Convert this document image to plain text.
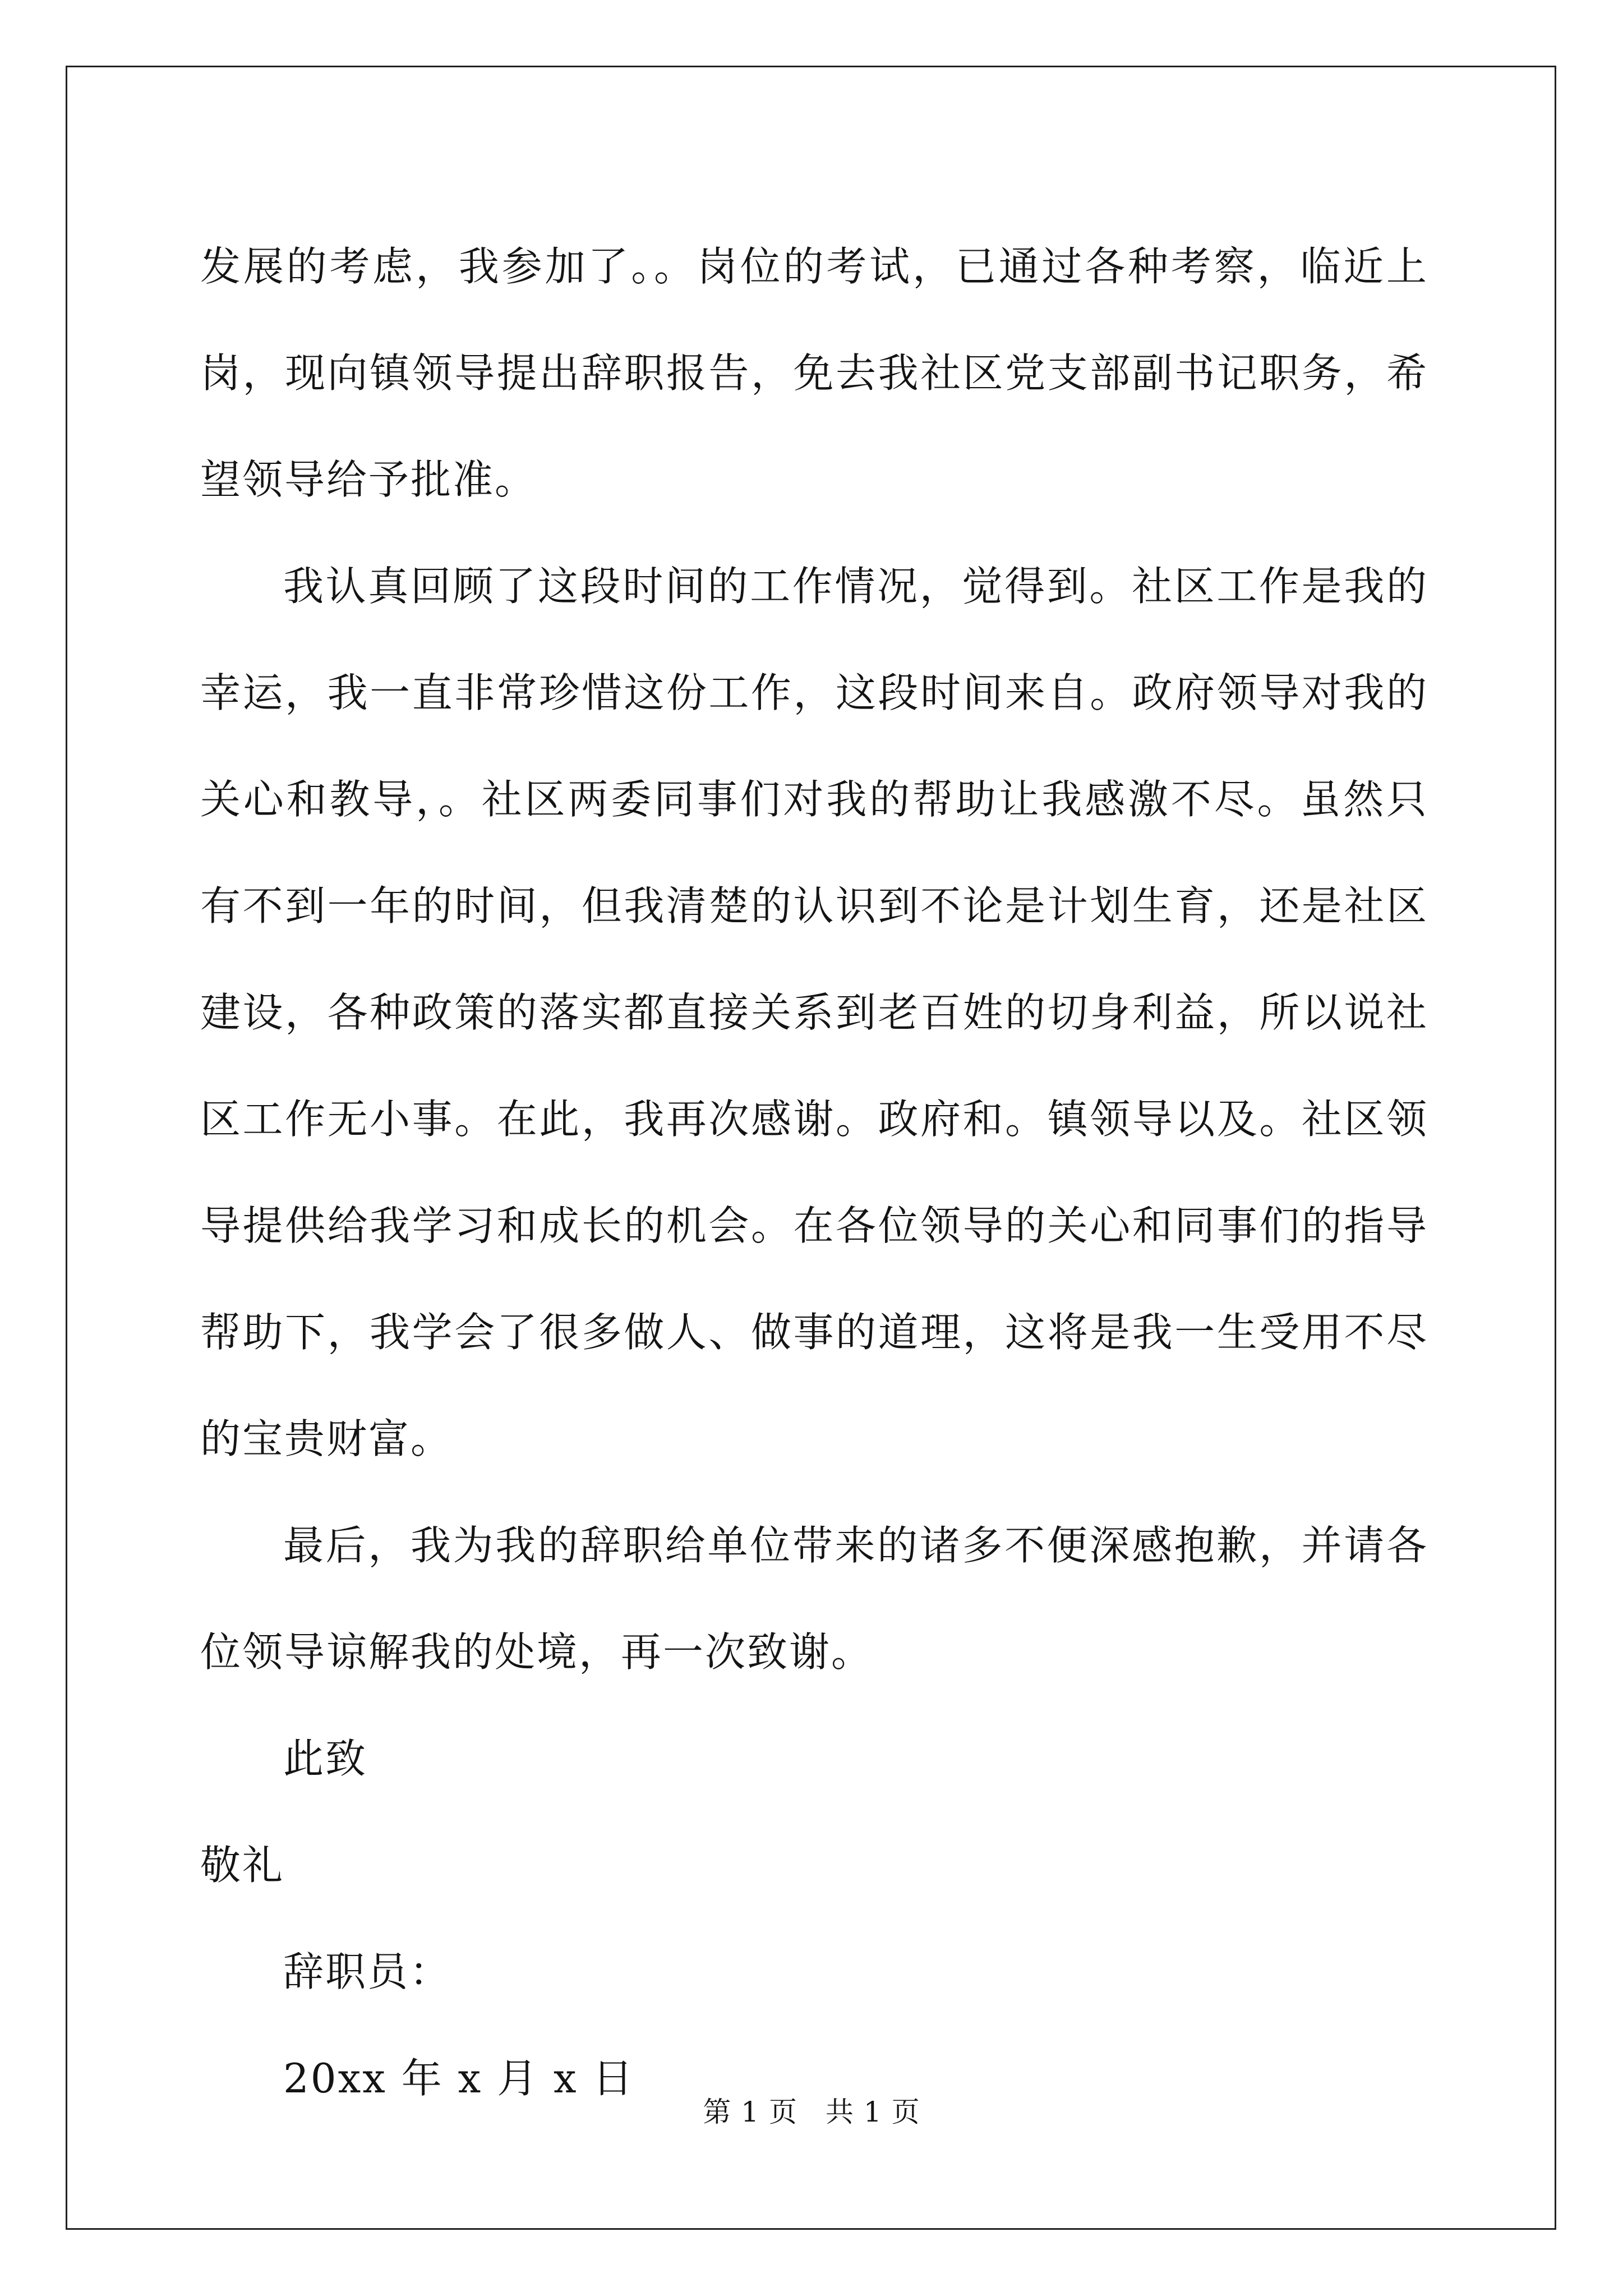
发展的考虑，我参加了。。岗位的考试，已通过各种考察，临近上岗，现向镇领导提出辞职报告，免去我社区党支部副书记职务，希望领导给予批准。

我认真回顾了这段时间的工作情况，觉得到。社区工作是我的幸运，我一直非常珍惜这份工作，这段时间来自。政府领导对我的关心和教导，。社区两委同事们对我的帮助让我感激不尽。虽然只有不到一年的时间，但我清楚的认识到不论是计划生育，还是社区建设，各种政策的落实都直接关系到老百姓的切身利益，所以说社区工作无小事。在此，我再次感谢。政府和。镇领导以及。社区领导提供给我学习和成长的机会。在各位领导的关心和同事们的指导帮助下，我学会了很多做人、做事的道理，这将是我一生受用不尽的宝贵财富。

最后，我为我的辞职给单位带来的诸多不便深感抱歉，并请各位领导谅解我的处境，再一次致谢。

此致

敬礼

辞职员：

20xx 年 x 月 x 日

第 1 页 共 1 页
